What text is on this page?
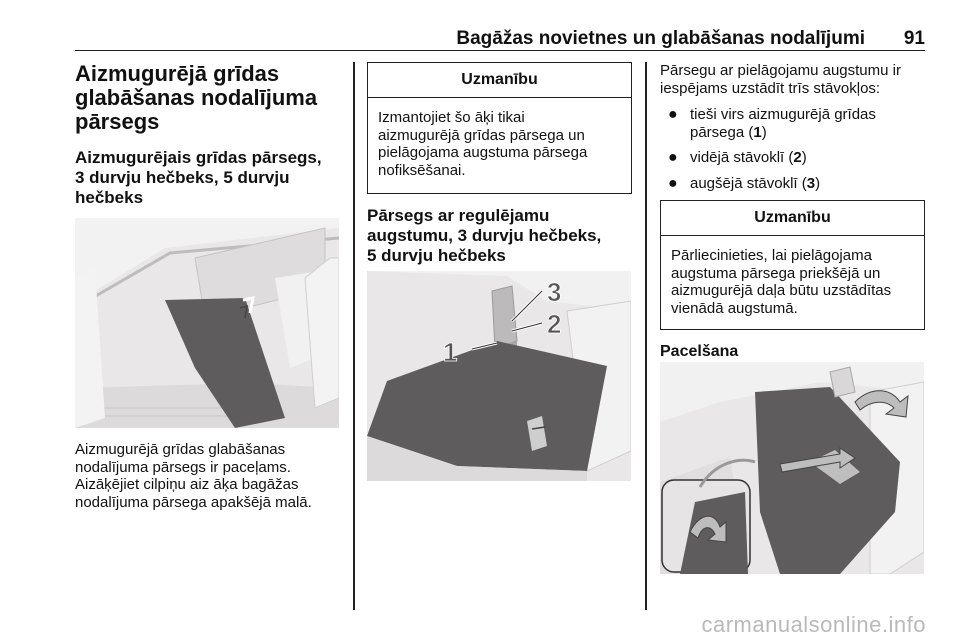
Bagāžas novietnes un glabāšanas nodalījumi 91
Aizmugurējā grīdas
glabāšanas nodalījuma
pārsegs
Aizmugurējais grīdas pārsegs,
3 durvju hečbeks, 5 durvju
hečbeks
Aizmugurējā grīdas glabāšanas
nodalījuma pārsegs ir paceļams.
Aizāķējiet cilpiņu aiz āķa bagāžas
nodalījuma pārsega apakšējā malā.
Uzmanību
Izmantojiet šo āķi tikai
aizmugurējā grīdas pārsega un
pielāgojama augstuma pārsega
nofiksēšanai.
Pārsegs ar regulējamu
augstumu, 3 durvju hečbeks,
5 durvju hečbeks
3
2
1
Pārsegu ar pielāgojamu augstumu ir
iespējams uzstādīt trīs stāvokļos:
● tieši virs aizmugurējā grīdas
pārsega (1)
● vidējā stāvoklī (2)
● augšējā stāvoklī (3)
Uzmanību
Pārliecinieties, lai pielāgojama
augstuma pārsega priekšējā un
aizmugurējā daļa būtu uzstādītas
vienādā augstumā.
Pacelšana
carmanualsonline.info
